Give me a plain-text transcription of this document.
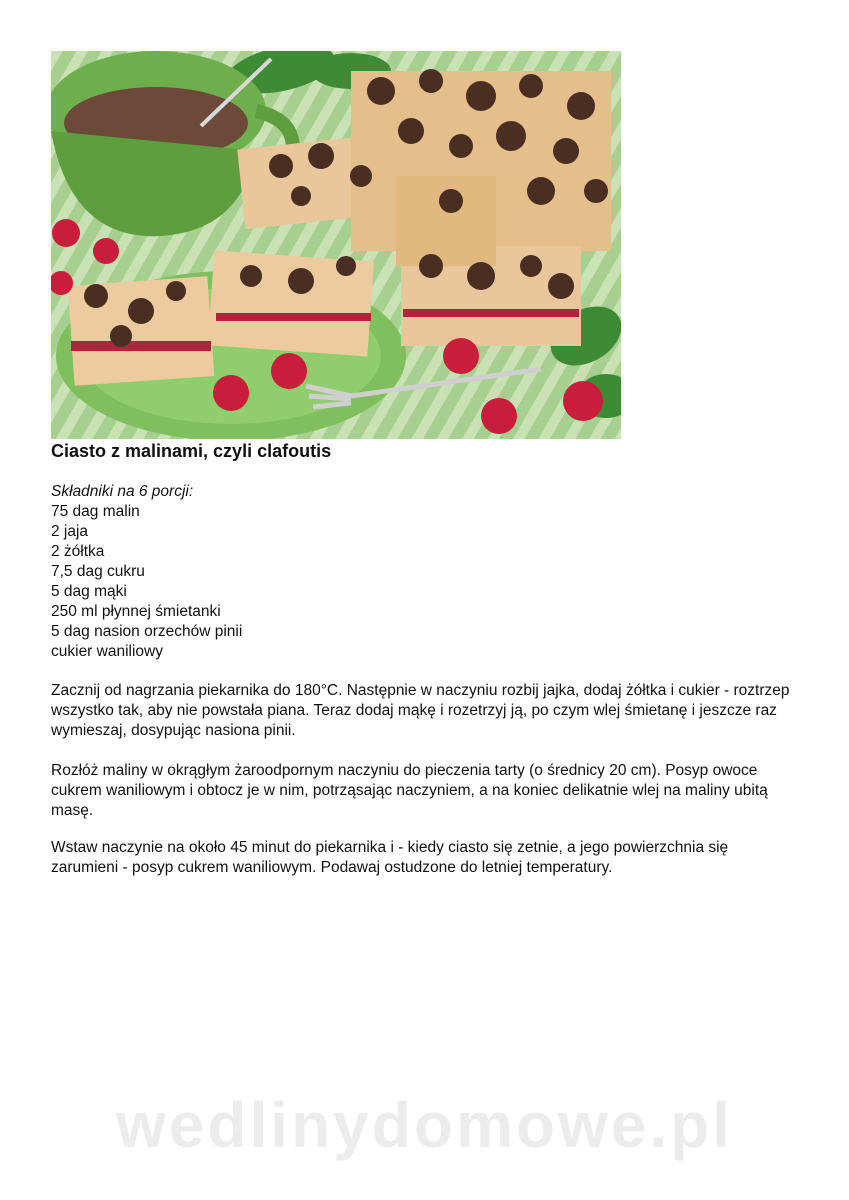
Ciasto z malinami, czyli clafoutis
Składniki na 6 porcji:
75 dag malin
2 jaja
2 żółtka
7,5 dag cukru
5 dag mąki
250 ml płynnej śmietanki
5 dag nasion orzechów pinii
cukier waniliowy

Zacznij od nagrzania piekarnika do 180°C. Następnie w naczyniu rozbij jajka, dodaj żółtka i cukier - roztrzep wszystko tak, aby nie powstała piana. Teraz dodaj mąkę i rozetrzyj ją, po czym wlej śmietanę i jeszcze raz wymieszaj, dosypując nasiona pinii.

Rozłóż maliny w okrągłym żaroodpornym naczyniu do pieczenia tarty (o średnicy 20 cm). Posyp owoce cukrem waniliowym i obtocz je w nim, potrząsając naczyniem, a na koniec delikatnie wlej na maliny ubitą masę.

Wstaw naczynie na około 45 minut do piekarnika i - kiedy ciasto się zetnie, a jego powierzchnia się zarumieni - posyp cukrem waniliowym. Podawaj ostudzone do letniej temperatury.

wedlinydomowe.pl
